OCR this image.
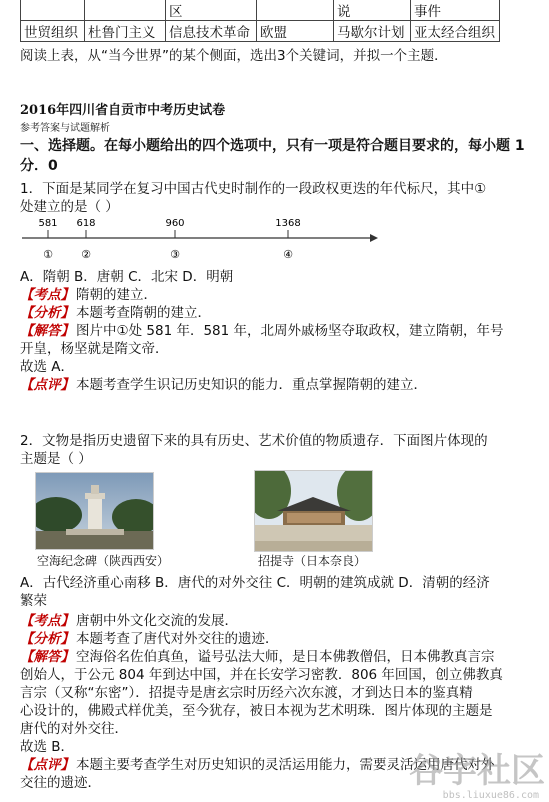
		区		说	事件
世贸组织	杜鲁门主义	信息技术革命	欧盟	马歇尔计划	亚太经合组织
阅读上表，从“当今世界”的某个侧面，选出3个关键词，并拟一个主题．
2016年四川省自贡市中考历史试卷
参考答案与试题解析
一、选择题。在每小题给出的四个选项中，只有一项是符合题目要求的，每小题 1分．0
1．下面是某同学在复习中国古代史时制作的一段政权更迭的年代标尺，其中①
处建立的是（ ）
581
①
618
②
960
③
1368
④
A．隋朝 B．唐朝 C．北宋 D．明朝
【考点】 隋朝的建立．
【分析】 本题考查隋朝的建立．
【解答】 图片中①处 581 年．581 年，北周外戚杨坚夺取政权，建立隋朝，年号
开皇，杨坚就是隋文帝．
故选 A．
【点评】 本题考查学生识记历史知识的能力．重点掌握隋朝的建立．
2．文物是指历史遗留下来的具有历史、艺术价值的物质遗存．下面图片体现的
主题是（ ）
空海纪念碑（陕西西安）	招提寺（日本奈良）
A．古代经济重心南移 B．唐代的对外交往 C．明朝的建筑成就 D．清朝的经济
繁荣
【考点】 唐朝中外文化交流的发展．
【分析】 本题考查了唐代对外交往的遗迹．
【解答】 空海俗名佐伯真鱼，谥号弘法大师，是日本佛教僧侣，日本佛教真言宗
创始人，于公元 804 年到达中国，并在长安学习密教．806 年回国，创立佛教真
言宗（又称“东密”）．招提寺是唐玄宗时历经六次东渡，才到达日本的鉴真精
心设计的，佛殿式样优美，至今犹存，被日本视为艺术明珠．图片体现的主题是
唐代的对外交往．
故选 B．
【点评】 本题主要考查学生对历史知识的灵活运用能力，需要灵活运用唐代对外
交往的遗迹．	谷字社区
bbs.liuxue86.com
